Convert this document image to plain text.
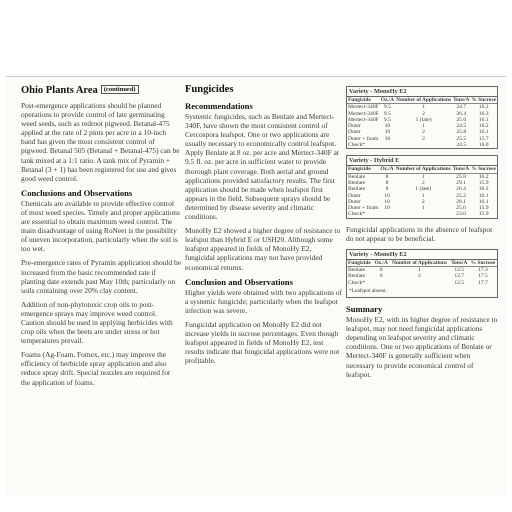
Ohio Plants Area (continued)

Post-emergence applications should be planned operations to provide control of late germinating weed seeds, such as redroot pigweed. Betanal-475 applied at the rate of 2 pints per acre in a 10-inch band has given the most consistent control of pigweed. Betanal 505 (Betanal + Betanal-475) can be tank mixed at a 1:1 ratio. A tank mix of Pyramin + Betanal (3 + 1) has been registered for use and gives good weed control.

Conclusions and Observations

Chemicals are available to provide effective control of most weed species. Timely and proper applications are essential to obtain maximum weed control. The main disadvantage of using RoNeet is the possibility of uneven incorporation, particularly when the soil is too wet.

Pre-emergence rates of Pyramin application should be increased from the basic recommended rate if planting date extends past May 10th; particularly on soils containing over 20% clay content.

Addition of non-phytotoxic crop oils to post-emergence sprays may improve weed control. Caution should be used in applying herbicides with crop oils when the beets are under stress or hot temperatures prevail.

Foams (Ag-Foam, Fomex, etc.) may improve the efficiency of herbicide spray application and also reduce spray drift. Special nozzles are required for the application of foams.

Fungicides
Recommendations

Systemic fungicides, such as Benlate and Mertect-340F, have shown the most consistent control of Cercospora leafspot. One or two applications are usually necessary to economically control leafspot. Apply Benlate at 8 oz. per acre and Mertect-340F at 9.5 fl. oz. per acre in sufficient water to provide thorough plant coverage. Both aerial and ground applications provided satisfactory results. The first application should be made when leafspot first appears in the field. Subsequent sprays should be determined by disease severity and climatic conditions.

MonoHy E2 showed a higher degree of resistance to leafspot than Hybrid E or USH20. Although some leafspot appeared in fields of MonoHy E2, fungicidal applications may not have provided economical returns.

Conclusion and Observations

Higher yields were obtained with two applications of a systemic fungicide; particularly when the leafspot infection was severe.

Fungicidal application on MonoHy E2 did not increase yields in sucrose percentages. Even though leafspot appeared in fields of MonoHy E2, test results indicate that fungicidal applications were not profitable.

Variety - MonoHy E2
Fungicide	Oz./A	Number of Applications	Tons/A	% Sucrose
Mertect-340F	9.5	1	24.7	16.2
Mertect-340F	9.5	2	26.4	16.3
Mertect-340F	9.5	1 (late)	25.0	16.1
Duter	10	1	24.5	16.2
Duter	10	2	25.8	16.1
Duter + foam	10	2	25.5	15.7
Check*			24.5	16.0
Variety - Hybrid E
Fungicide	Oz./A	Number of Applications	Tons/A	% Sucrose
Benlate	8	1	25.8	16.2
Benlate	8	2	29.1	15.9
Benlate	8	1 (late)	26.4	16.2
Duter	10	1	25.2	16.1
Duter	10	2	28.1	16.1
Duter + foam	10	1	25.6	15.9
Check*			23.0	15.9
Fungicidal applications in the absence of leafspot do not appear to be beneficial.
Variety - MonoHy E2
Fungicide	Oz./A	Number of Applications	Tons/A	% Sucrose
Benlate	8	1	12.5	17.3
Benlate	8	2	12.7	17.5
Check*			12.5	17.7
*Leafspot absent.
Summary

MonoHy E2, with its higher degree of resistance to leafspot, may not need fungicidal applications depending on leafspot severity and climatic conditions. One or two applications of Benlate or Mertect-340F is generally sufficient when necessary to provide economical control of leafspot.
